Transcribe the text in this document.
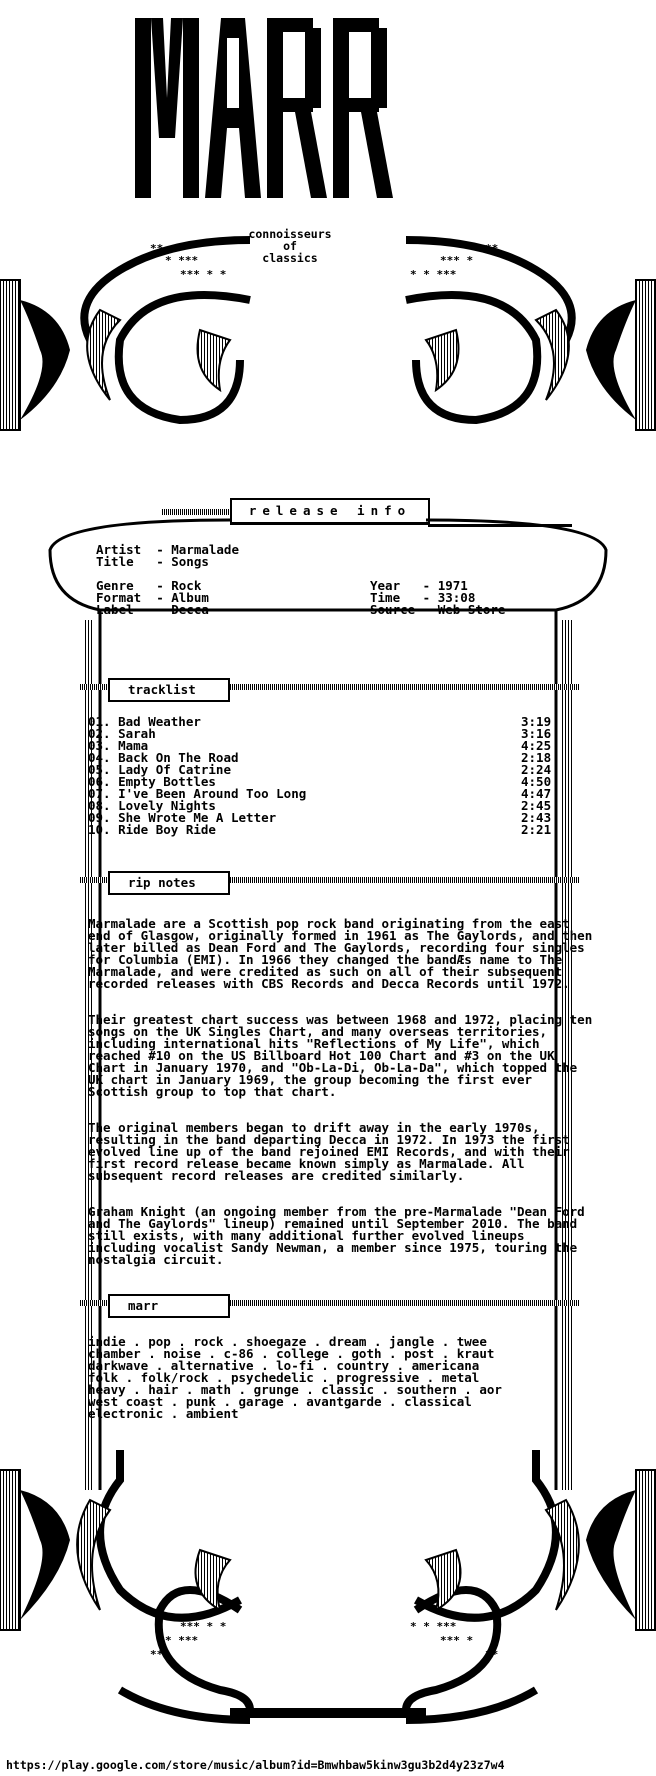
connoisseurs
of
classics
**
* ***
*** * *
**
*** *
* * ***
release info
Artist  - Marmalade
Title   - Songs
Genre   - Rock
Format  - Album
Label   - Decca
Year   - 1971
Time   - 33:08
Source - Web Store
tracklist
01. Bad Weather	3:19
02. Sarah	3:16
03. Mama	4:25
04. Back On The Road	2:18
05. Lady Of Catrine	2:24
06. Empty Bottles	4:50
07. I've Been Around Too Long	4:47
08. Lovely Nights	2:45
09. She Wrote Me A Letter	2:43
10. Ride Boy Ride	2:21
rip notes
Marmalade are a Scottish pop rock band originating from the east end of Glasgow, originally formed in 1961 as The Gaylords, and then later billed as Dean Ford and The Gaylords, recording four singles for Columbia (EMI). In 1966 they changed the bandÆs name to The Marmalade, and were credited as such on all of their subsequent recorded releases with CBS Records and Decca Records until 1972.
Their greatest chart success was between 1968 and 1972, placing ten songs on the UK Singles Chart, and many overseas territories, including international hits "Reflections of My Life", which reached #10 on the US Billboard Hot 100 Chart and #3 on the UK Chart in January 1970, and "Ob-La-Di, Ob-La-Da", which topped the UK chart in January 1969, the group becoming the first ever Scottish group to top that chart.
The original members began to drift away in the early 1970s, resulting in the band departing Decca in 1972. In 1973 the first evolved line up of the band rejoined EMI Records, and with their first record release became known simply as Marmalade. All subsequent record releases are credited similarly.
Graham Knight (an ongoing member from the pre-Marmalade "Dean Ford and The Gaylords" lineup) remained until September 2010. The band still exists, with many additional further evolved lineups including vocalist Sandy Newman, a member since 1975, touring the nostalgia circuit.
marr
indie . pop . rock . shoegaze . dream . jangle . twee
chamber . noise . c-86 . college . goth . post . kraut
darkwave . alternative . lo-fi . country . americana
folk . folk/rock . psychedelic . progressive . metal
heavy . hair . math . grunge . classic . southern . aor
west coast . punk . garage . avantgarde . classical
electronic . ambient
*** * *
* ***
**
* * ***
*** *
**
https://play.google.com/store/music/album?id=Bmwhbaw5kinw3gu3b2d4y23z7w4
